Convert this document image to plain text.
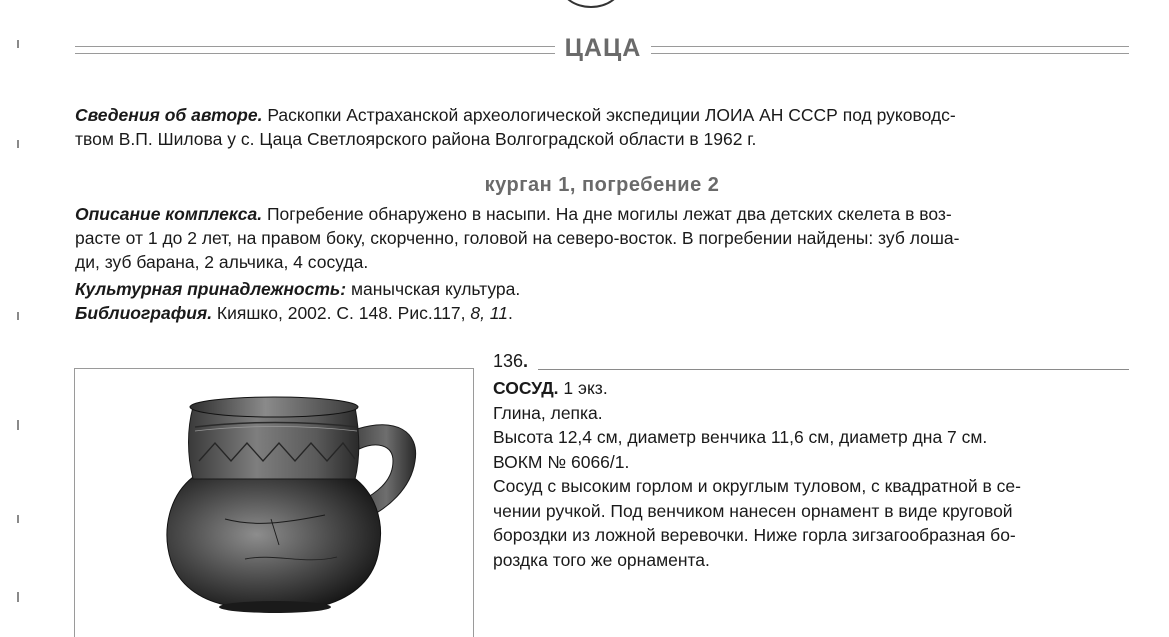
ЦАЦА
Сведения об авторе. Раскопки Астраханской археологической экспедиции ЛОИА АН СССР под руководс-
твом В.П. Шилова у с. Цаца Светлоярского района Волгоградской области в 1962 г.
курган 1, погребение 2
Описание комплекса. Погребение обнаружено в насыпи. На дне могилы лежат два детских скелета в воз-
расте от 1 до 2 лет, на правом боку, скорченно, головой на северо-восток. В погребении найдены: зуб лоша-
ди, зуб барана, 2 альчика, 4 сосуда.
Культурная принадлежность: манычская культура.
Библиография. Кияшко, 2002. С. 148. Рис.117, 8, 11.
136.
СОСУД. 1 экз.
Глина, лепка.
Высота 12,4 см, диаметр венчика 11,6 см, диаметр дна 7 см.
ВОКМ № 6066/1.
Сосуд с высоким горлом и округлым туловом, с квадратной в се-
чении ручкой. Под венчиком нанесен орнамент в виде круговой
бороздки из ложной веревочки. Ниже горла зигзагообразная бо-
роздка того же орнамента.
